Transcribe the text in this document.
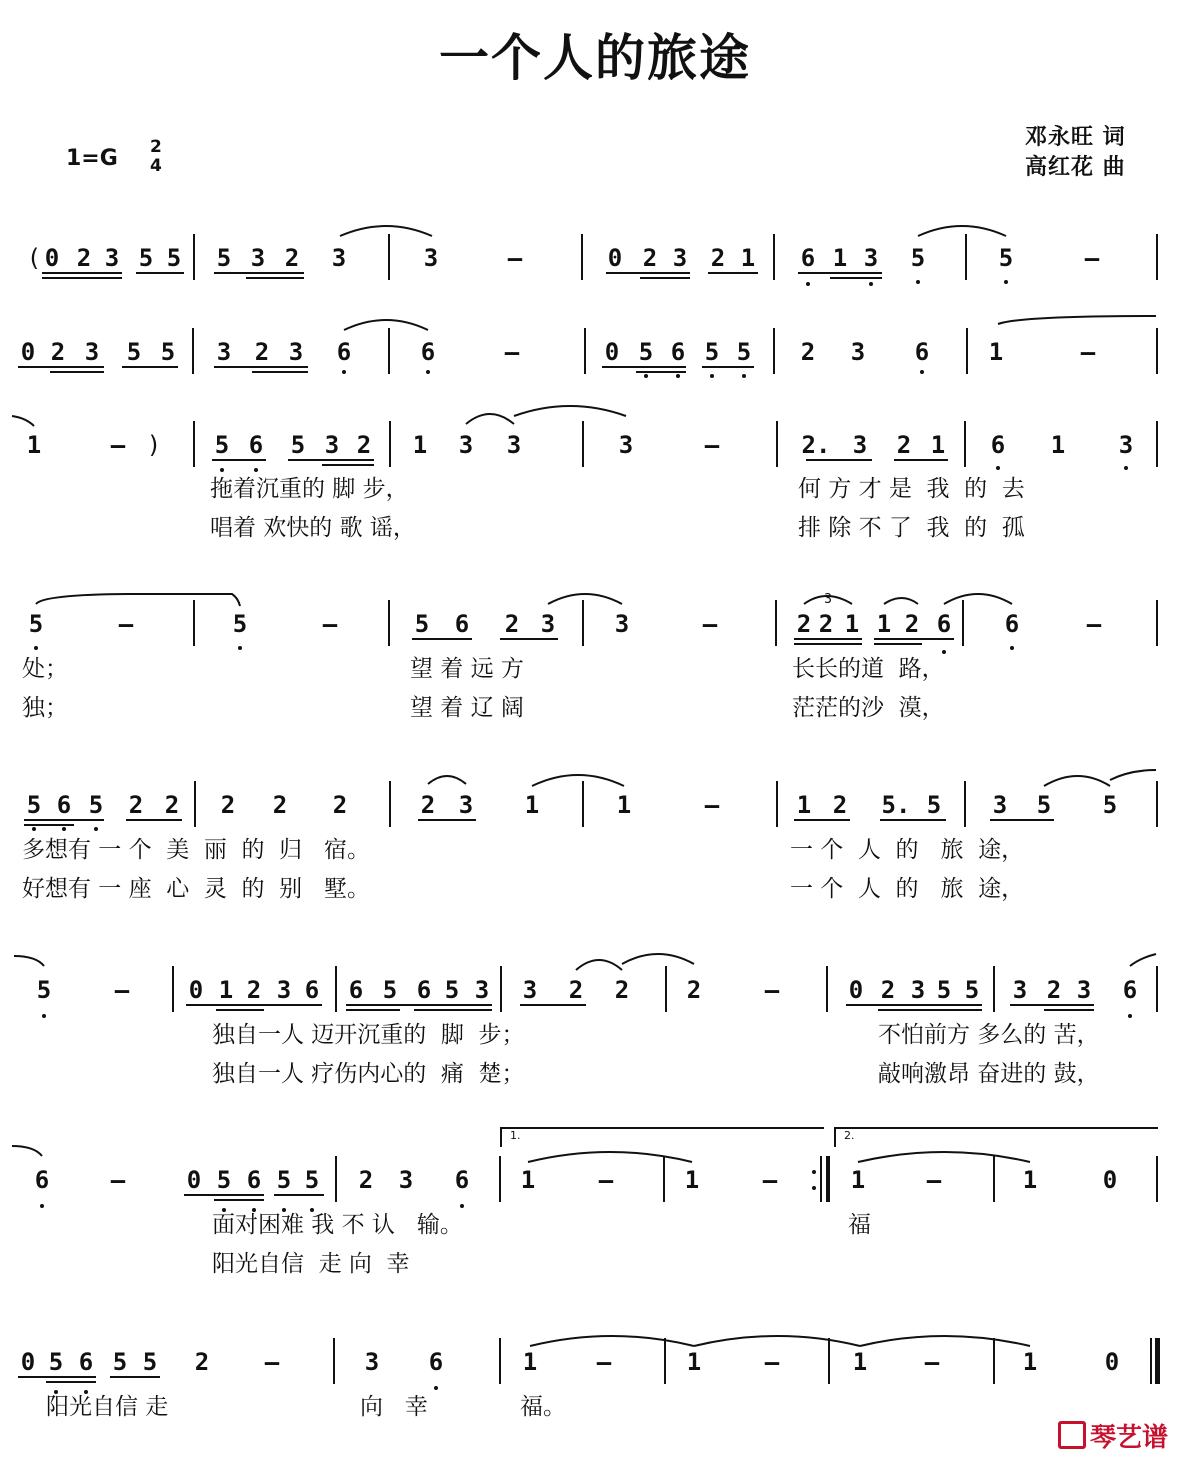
一个人的旅途
1=G 2
4
邓永旺 词
高红花 曲
( 0 2 3 5 5 5 3 2 3	3	–	0 2 3 2 1 6 1 3 5	5	–
0 2 3 5 5 3 2 3 6	6	–	0 5 6 5 5 2 3 6 1	–
1	– ) 5 6 5 3 2 1 3 3	3	–	2. 3 2 1 6 1 3
拖着沉重的 脚 步，	何 方 才 是  我  的  去
唱着 欢快的 歌 谣，	排 除 不 了  我  的  孤
5	–	5	–	5 6 2 3 3	–	2 2 1 1 2 6 6	–
3
处；	望 着 远 方	长长的道  路，
独；	望 着 辽 阔	茫茫的沙  漠，
5 6 5 2 2 2 2 2	2 3 1	1	–	1 2 5. 5 3 5 5
多想有 一 个  美  丽  的  归   宿。	一 个  人  的   旅  途，
好想有 一 座  心  灵  的  别   墅。	一 个  人  的   旅  途，
5	– 0 1 2 3 6 6 5 6 5 3 3 2 2 2	–	0 2 3 5 5 3 2 3 6
独自一人 迈开沉重的  脚  步；	不怕前方 多么的 苦，
独自一人 疗伤内心的  痛  楚；	敲响激昂 奋进的 鼓，
1.	2.
6	–	0 5 6 5 5 2 3 6 1	–	1	–	1	–	1	0
面对困难 我 不 认   输。	福
阳光自信  走 向  幸
0 5 6 5 5 2 –	3 6	1 –	1	–	1 –	1	0
阳光自信 走	向   幸	福。
琴艺谱
